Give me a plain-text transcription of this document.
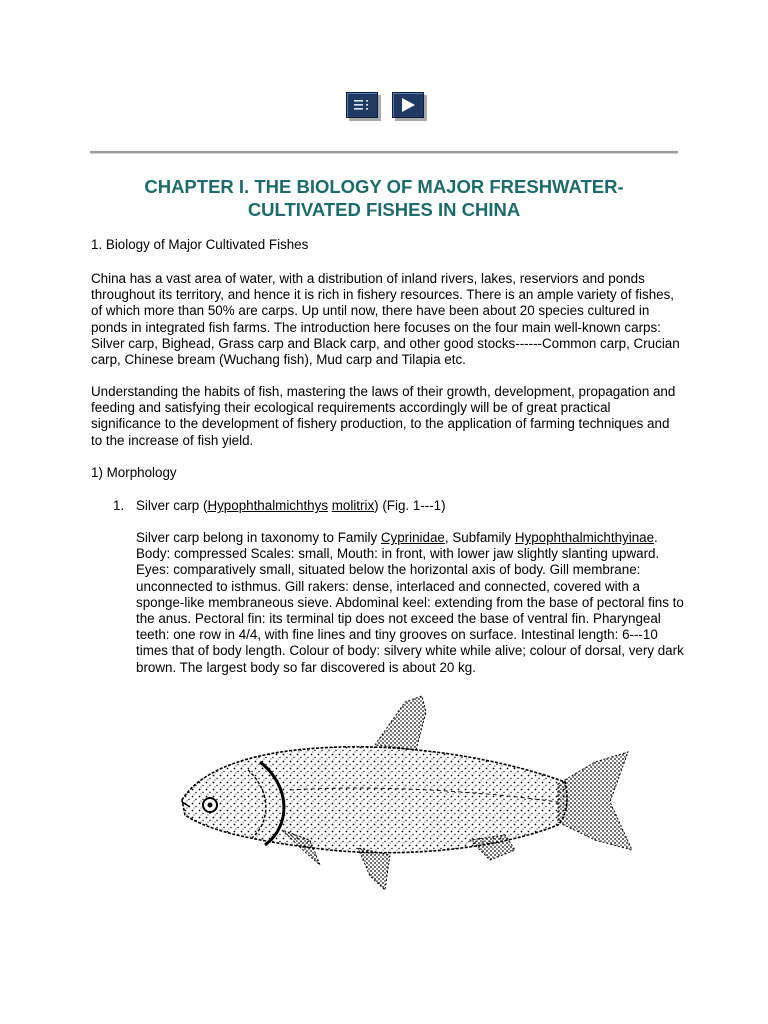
CHAPTER I. THE BIOLOGY OF MAJOR FRESHWATER-CULTIVATED FISHES IN CHINA

1. Biology of Major Cultivated Fishes

China has a vast area of water, with a distribution of inland rivers, lakes, reserviors and ponds throughout its territory, and hence it is rich in fishery resources. There is an ample variety of fishes, of which more than 50% are carps. Up until now, there have been about 20 species cultured in ponds in integrated fish farms. The introduction here focuses on the four main well-known carps: Silver carp, Bighead, Grass carp and Black carp, and other good stocks------Common carp, Crucian carp, Chinese bream (Wuchang fish), Mud carp and Tilapia etc.

Understanding the habits of fish, mastering the laws of their growth, development, propagation and feeding and satisfying their ecological requirements accordingly will be of great practical significance to the development of fishery production, to the application of farming techniques and to the increase of fish yield.

1) Morphology

1. Silver carp (Hypophthalmichthys molitrix) (Fig. 1---1)

Silver carp belong in taxonomy to Family Cyprinidae, Subfamily Hypophthalmichthyinae. Body: compressed Scales: small, Mouth: in front, with lower jaw slightly slanting upward. Eyes: comparatively small, situated below the horizontal axis of body. Gill membrane: unconnected to isthmus. Gill rakers: dense, interlaced and connected, covered with a sponge-like membraneous sieve. Abdominal keel: extending from the base of pectoral fins to the anus. Pectoral fin: its terminal tip does not exceed the base of ventral fin. Pharyngeal teeth: one row in 4/4, with fine lines and tiny grooves on surface. Intestinal length: 6---10 times that of body length. Colour of body: silvery white while alive; colour of dorsal, very dark brown. The largest body so far discovered is about 20 kg.
